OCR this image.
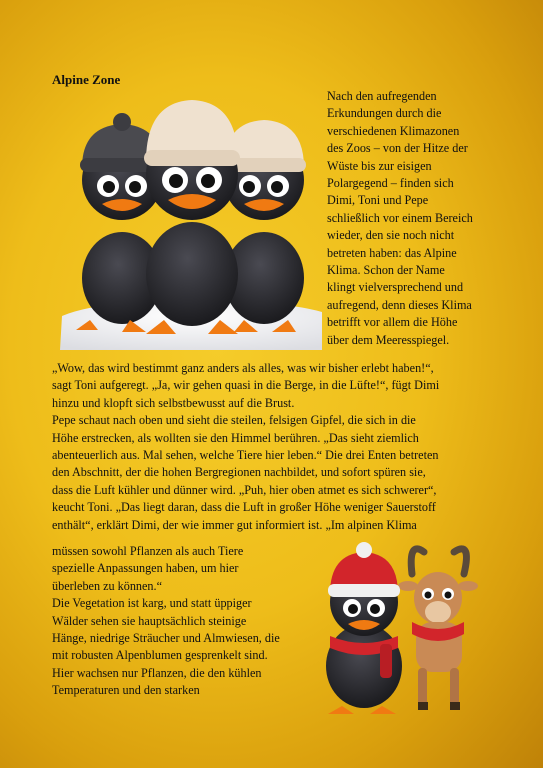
Alpine Zone

Nach den aufregenden
Erkundungen durch die
verschiedenen Klimazonen
des Zoos – von der Hitze der
Wüste bis zur eisigen
Polargegend – finden sich
Dimi, Toni und Pepe
schließlich vor einem Bereich
wieder, den sie noch nicht
betreten haben: das Alpine
Klima. Schon der Name
klingt vielversprechend und
aufregend, denn dieses Klima
betrifft vor allem die Höhe
über dem Meeresspiegel.

„Wow, das wird bestimmt ganz anders als alles, was wir bisher erlebt haben!“,
sagt Toni aufgeregt. „Ja, wir gehen quasi in die Berge, in die Lüfte!“, fügt Dimi
hinzu und klopft sich selbstbewusst auf die Brust.
Pepe schaut nach oben und sieht die steilen, felsigen Gipfel, die sich in die
Höhe erstrecken, als wollten sie den Himmel berühren. „Das sieht ziemlich
abenteuerlich aus. Mal sehen, welche Tiere hier leben.“ Die drei Enten betreten
den Abschnitt, der die hohen Bergregionen nachbildet, und sofort spüren sie,
dass die Luft kühler und dünner wird. „Puh, hier oben atmet es sich schwerer“,
keucht Toni. „Das liegt daran, dass die Luft in großer Höhe weniger Sauerstoff
enthält“, erklärt Dimi, der wie immer gut informiert ist. „Im alpinen Klima

müssen sowohl Pflanzen als auch Tiere
spezielle Anpassungen haben, um hier
überleben zu können.“
Die Vegetation ist karg, und statt üppiger
Wälder sehen sie hauptsächlich steinige
Hänge, niedrige Sträucher und Almwiesen, die
mit robusten Alpenblumen gesprenkelt sind.
Hier wachsen nur Pflanzen, die den kühlen
Temperaturen und den starken
